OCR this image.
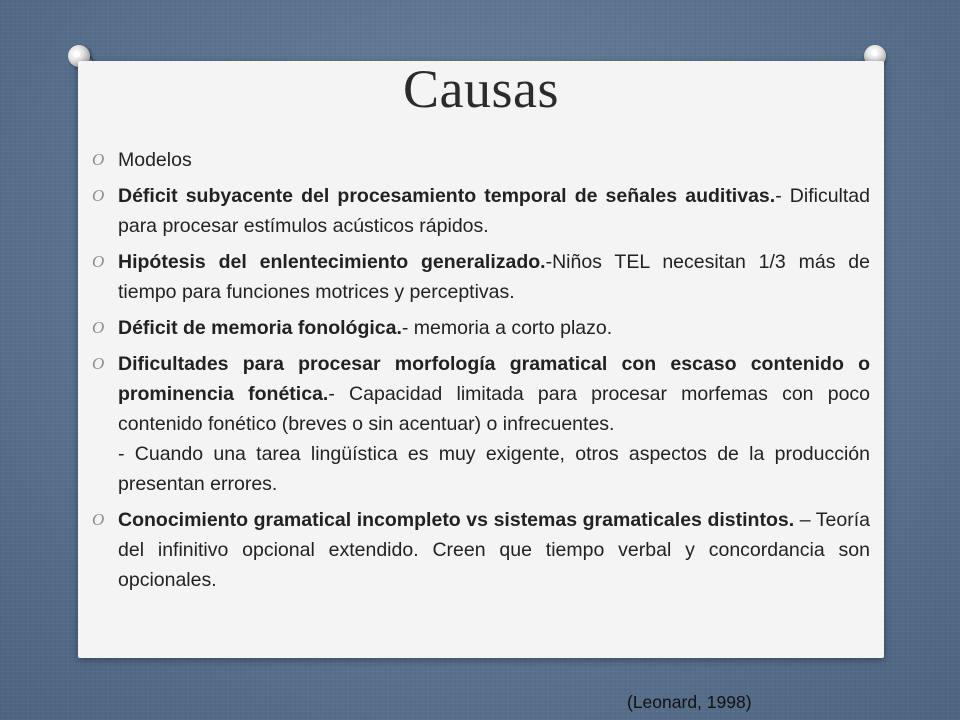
Causas
O Modelos
O Déficit subyacente del procesamiento temporal de señales auditivas.- Dificultad para procesar estímulos acústicos rápidos.
O Hipótesis del enlentecimiento generalizado.-Niños TEL necesitan 1/3 más de tiempo para funciones motrices y perceptivas.
O Déficit de memoria fonológica.- memoria a corto plazo.
O Dificultades para procesar morfología gramatical con escaso contenido o prominencia fonética.- Capacidad limitada para procesar morfemas con poco contenido fonético (breves o sin acentuar) o infrecuentes.
- Cuando una tarea lingüística es muy exigente, otros aspectos de la producción presentan errores.
O Conocimiento gramatical incompleto vs sistemas gramaticales distintos. – Teoría del infinitivo opcional extendido. Creen que tiempo verbal y concordancia son opcionales.
(Leonard, 1998)
